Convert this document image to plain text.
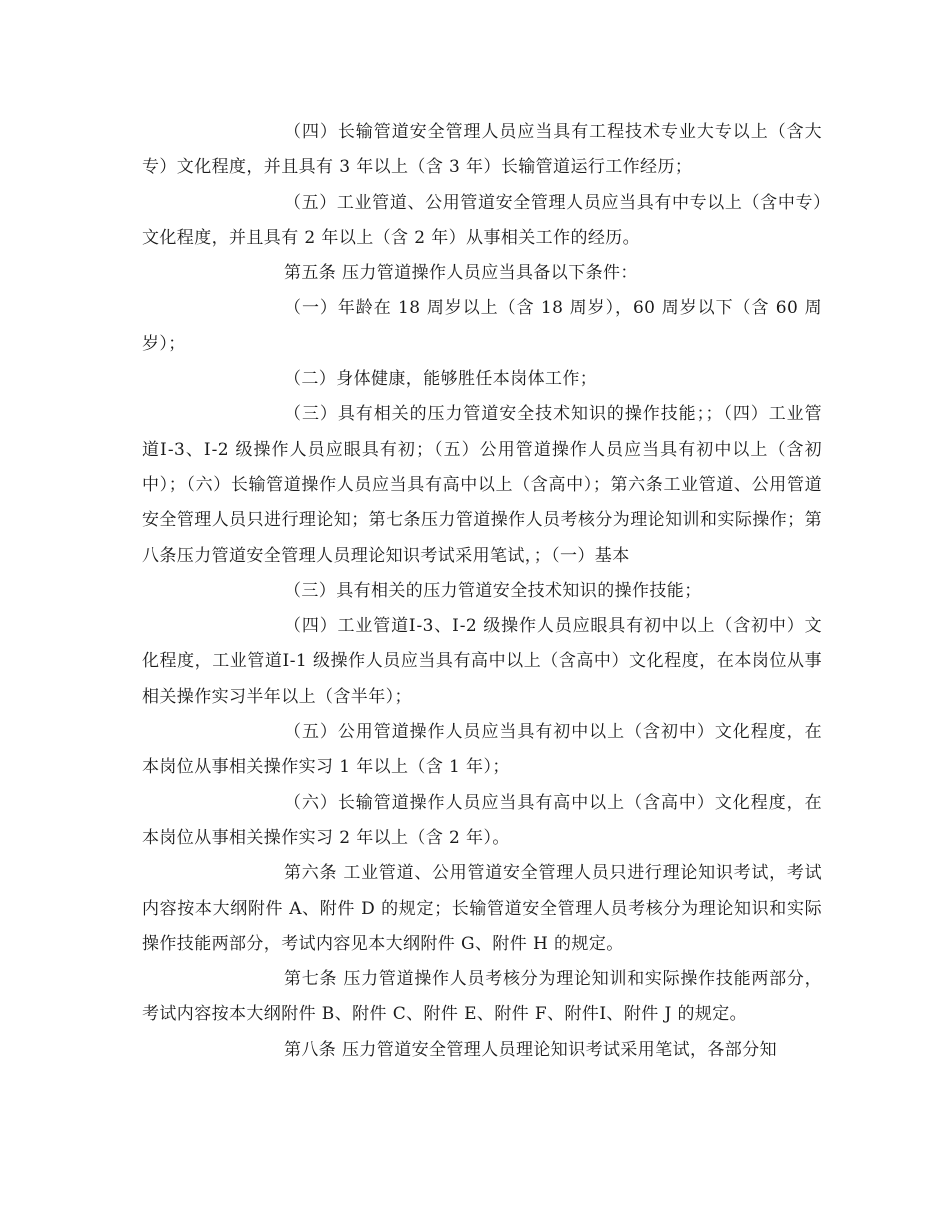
（四）长输管道安全管理人员应当具有工程技术专业大专以上（含大专）文化程度，并且具有 3 年以上（含 3 年）长输管道运行工作经历；

（五）工业管道、公用管道安全管理人员应当具有中专以上（含中专）文化程度，并且具有 2 年以上（含 2 年）从事相关工作的经历。

第五条 压力管道操作人员应当具备以下条件：

（一）年龄在 18 周岁以上（含 18 周岁），60 周岁以下（含 60 周岁）；

（二）身体健康，能够胜任本岗体工作；

（三）具有相关的压力管道安全技术知识的操作技能；；（四）工业管道Ⅰ-3、Ⅰ-2 级操作人员应眼具有初；（五）公用管道操作人员应当具有初中以上（含初中）；（六）长输管道操作人员应当具有高中以上（含高中）；第六条工业管道、公用管道安全管理人员只进行理论知；第七条压力管道操作人员考核分为理论知训和实际操作；第八条压力管道安全管理人员理论知识考试采用笔试，；（一）基本

（三）具有相关的压力管道安全技术知识的操作技能；

（四）工业管道Ⅰ-3、Ⅰ-2 级操作人员应眼具有初中以上（含初中）文化程度，工业管道Ⅰ-1 级操作人员应当具有高中以上（含高中）文化程度，在本岗位从事相关操作实习半年以上（含半年）；

（五）公用管道操作人员应当具有初中以上（含初中）文化程度，在本岗位从事相关操作实习 1 年以上（含 1 年）；

（六）长输管道操作人员应当具有高中以上（含高中）文化程度，在本岗位从事相关操作实习 2 年以上（含 2 年）。

第六条 工业管道、公用管道安全管理人员只进行理论知识考试，考试内容按本大纲附件 A、附件 D 的规定；长输管道安全管理人员考核分为理论知识和实际操作技能两部分，考试内容见本大纲附件 G、附件 H 的规定。

第七条 压力管道操作人员考核分为理论知训和实际操作技能两部分，考试内容按本大纲附件 B、附件 C、附件 E、附件 F、附件Ⅰ、附件 J 的规定。

第八条 压力管道安全管理人员理论知识考试采用笔试，各部分知
